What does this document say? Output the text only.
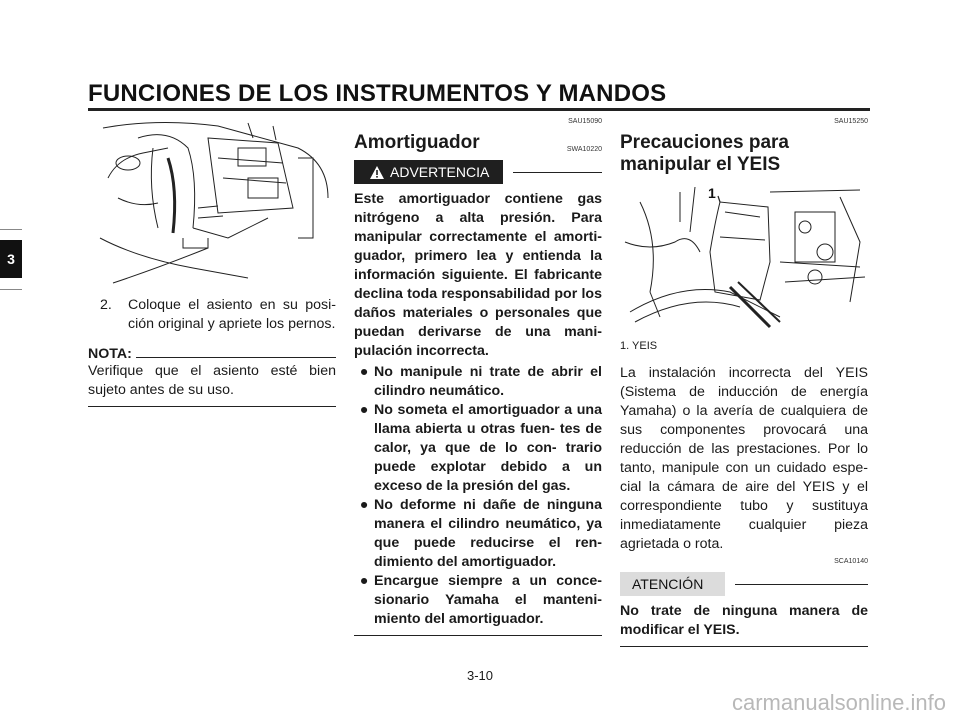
FUNCIONES DE LOS INSTRUMENTOS Y MANDOS
3
2.	Coloque el asiento en su posi- ción original y apriete los pernos.
NOTA:

Verifique que el asiento esté bien sujeto antes de su uso.

SAU15090
Amortiguador	SWA10220
ADVERTENCIA

Este amortiguador contiene gas nitrógeno a alta presión. Para manipular correctamente el amorti- guador, primero lea y entienda la información siguiente. El fabricante declina toda responsabilidad por los daños materiales o personales que puedan derivarse de una mani- pulación incorrecta.

● No manipule ni trate de abrir el cilindro neumático.
● No someta el amortiguador a una llama abierta u otras fuen- tes de calor, ya que de lo con- trario puede explotar debido a un exceso de la presión del gas.
● No deforme ni dañe de ninguna manera el cilindro neumático, ya que puede reducirse el ren- dimiento del amortiguador.
● Encargue siempre a un conce- sionario Yamaha el manteni- miento del amortiguador.
SAU15250
Precauciones para manipular el YEIS
1
1. YEIS

La instalación incorrecta del YEIS (Sistema de inducción de energía Yamaha) o la avería de cualquiera de sus componentes provocará una reducción de las prestaciones. Por lo tanto, manipule con un cuidado espe- cial la cámara de aire del YEIS y el correspondiente tubo y sustituya inmediatamente cualquier pieza agrietada o rota.

SCA10140
ATENCIÓN

No trate de ninguna manera de modificar el YEIS.

3-10
carmanualsonline.info
